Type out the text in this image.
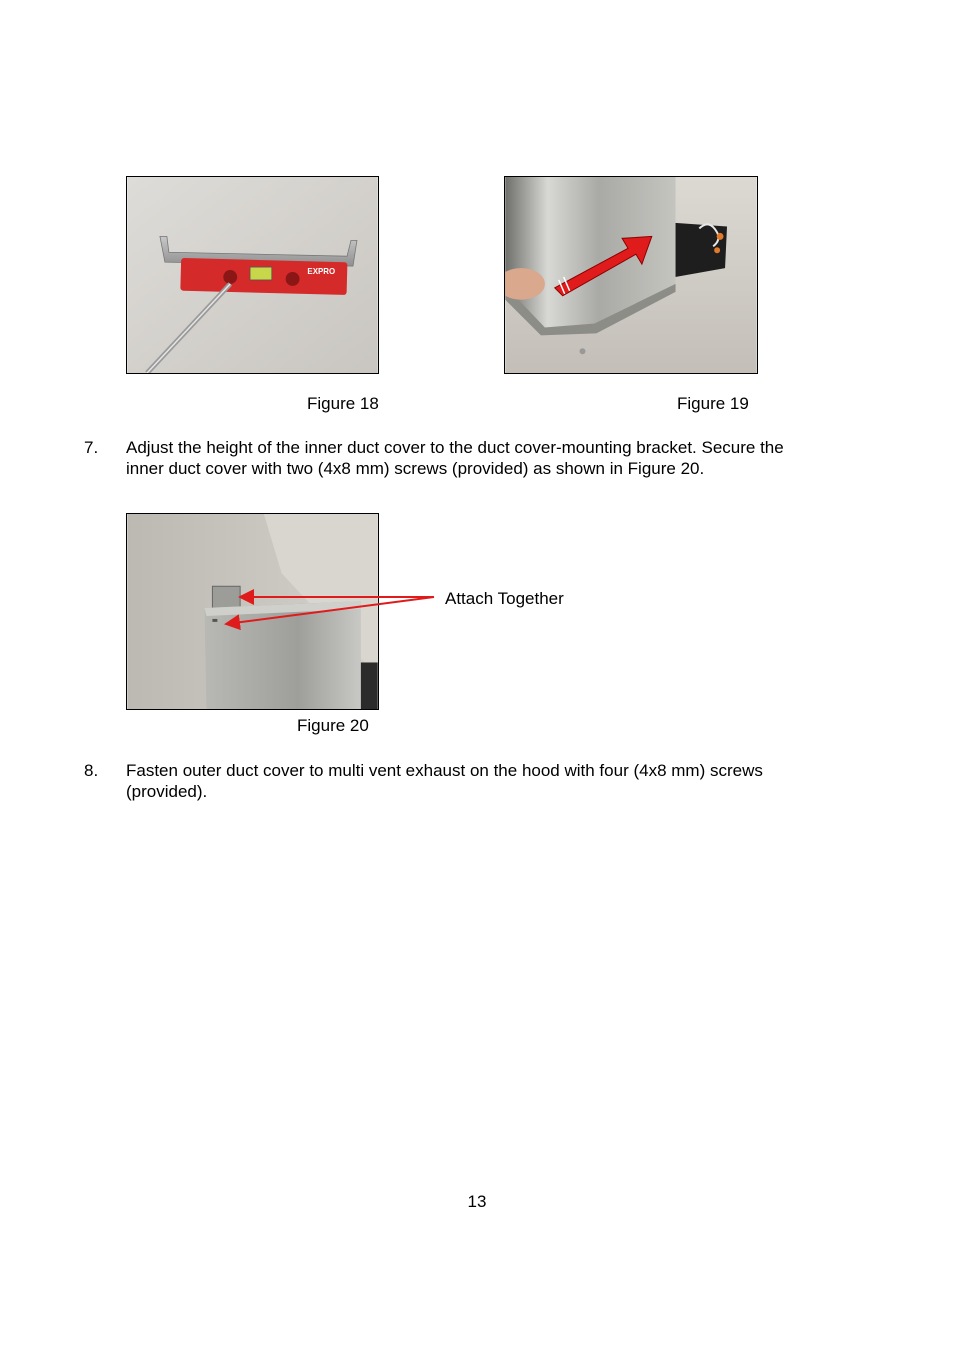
EXPRO
Figure 18	Figure 19
7. Adjust the height of the inner duct cover to the duct cover-mounting bracket. Secure the
inner duct cover with two (4x8 mm) screws (provided) as shown in Figure 20.
Attach Together
Figure 20
8. Fasten outer duct cover to multi vent exhaust on the hood with four (4x8 mm) screws
(provided).
13
